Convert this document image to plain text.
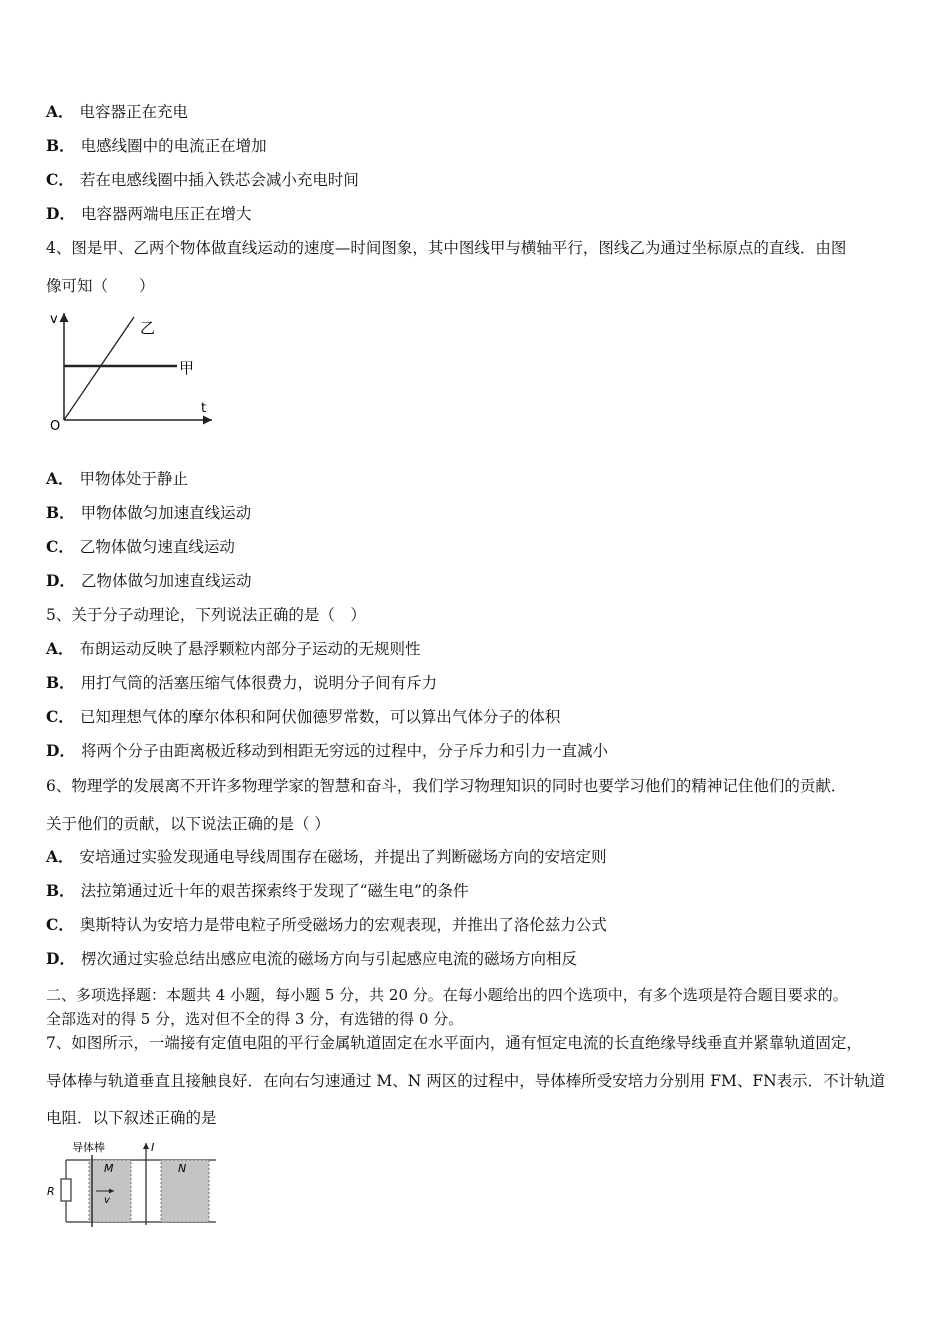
A． 电容器正在充电
B． 电感线圈中的电流正在增加
C． 若在电感线圈中插入铁芯会减小充电时间
D． 电容器两端电压正在增大
4、图是甲、乙两个物体做直线运动的速度—时间图象，其中图线甲与横轴平行，图线乙为通过坐标原点的直线．由图
像可知（　　）
v
t
O
甲
乙
A． 甲物体处于静止
B． 甲物体做匀加速直线运动
C． 乙物体做匀速直线运动
D． 乙物体做匀加速直线运动
5、关于分子动理论，下列说法正确的是（　）
A． 布朗运动反映了悬浮颗粒内部分子运动的无规则性
B． 用打气筒的活塞压缩气体很费力，说明分子间有斥力
C． 已知理想气体的摩尔体积和阿伏伽德罗常数，可以算出气体分子的体积
D． 将两个分子由距离极近移动到相距无穷远的过程中，分子斥力和引力一直减小
6、物理学的发展离不开许多物理学家的智慧和奋斗，我们学习物理知识的同时也要学习他们的精神记住他们的贡献．
关于他们的贡献，以下说法正确的是（ ）
A． 安培通过实验发现通电导线周围存在磁场，并提出了判断磁场方向的安培定则
B． 法拉第通过近十年的艰苦探索终于发现了“磁生电”的条件
C． 奥斯特认为安培力是带电粒子所受磁场力的宏观表现，并推出了洛伦兹力公式
D． 楞次通过实验总结出感应电流的磁场方向与引起感应电流的磁场方向相反
二、多项选择题：本题共 4 小题，每小题 5 分，共 20 分。在每小题给出的四个选项中，有多个选项是符合题目要求的。
全部选对的得 5 分，选对但不全的得 3 分，有选错的得 0 分。
7、如图所示，一端接有定值电阻的平行金属轨道固定在水平面内，通有恒定电流的长直绝缘导线垂直并紧靠轨道固定，
导体棒与轨道垂直且接触良好．在向右匀速通过 M、N 两区的过程中，导体棒所受安培力分别用 FM、FN表示．不计轨道
电阻．以下叙述正确的是
导体棒	I
M	N
R
v
